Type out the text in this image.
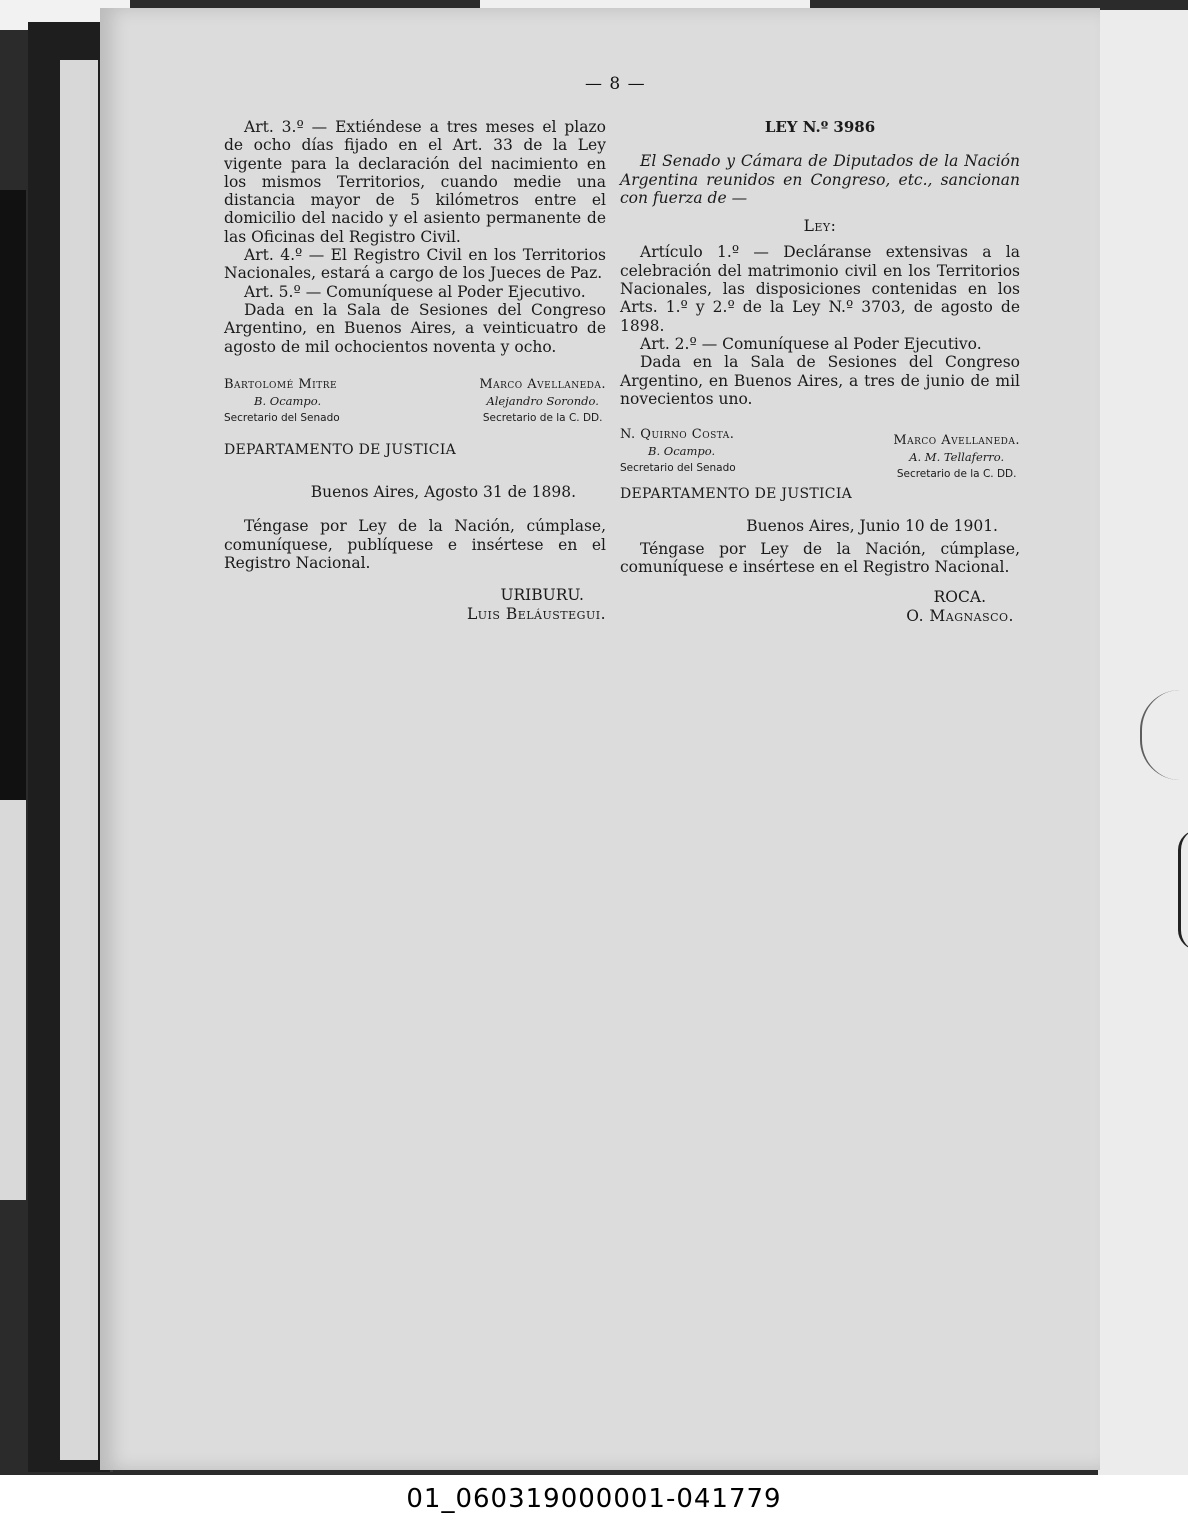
— 8 —

Art. 3.º — Extiéndese a tres meses el plazo de ocho días fijado en el Art. 33 de la Ley vigente para la declaración del nacimiento en los mismos Territorios, cuando medie una distancia mayor de 5 kilómetros entre el domicilio del nacido y el asiento permanente de las Oficinas del Registro Civil.

Art. 4.º — El Registro Civil en los Territorios Nacionales, estará a cargo de los Jueces de Paz.

Art. 5.º — Comuníquese al Poder Ejecutivo.

Dada en la Sala de Sesiones del Congreso Argentino, en Buenos Aires, a veinticuatro de agosto de mil ochocientos noventa y ocho.

Bartolomé Mitre
B. Ocampo.
Secretario del Senado
Marco Avellaneda.
Alejandro Sorondo.
Secretario de la C. DD.

DEPARTAMENTO DE JUSTICIA

Buenos Aires, Agosto 31 de 1898.

Téngase por Ley de la Nación, cúmplase, comuníquese, publíquese e insértese en el Registro Nacional.

URIBURU.

Luis Beláustegui.

LEY N.º 3986

El Senado y Cámara de Diputados de la Nación Argentina reunidos en Congreso, etc., sancionan con fuerza de —

Ley:

Artículo 1.º — Decláranse extensivas a la celebración del matrimonio civil en los Territorios Nacionales, las disposiciones contenidas en los Arts. 1.º y 2.º de la Ley N.º 3703, de agosto de 1898.

Art. 2.º — Comuníquese al Poder Ejecutivo.

Dada en la Sala de Sesiones del Congreso Argentino, en Buenos Aires, a tres de junio de mil novecientos uno.

N. Quirno Costa.
B. Ocampo.
Secretario del Senado
Marco Avellaneda.
A. M. Tellaferro.
Secretario de la C. DD.

DEPARTAMENTO DE JUSTICIA

Buenos Aires, Junio 10 de 1901.

Téngase por Ley de la Nación, cúmplase, comuníquese e insértese en el Registro Nacional.

ROCA.

O. Magnasco.

01_060319000001-041779
